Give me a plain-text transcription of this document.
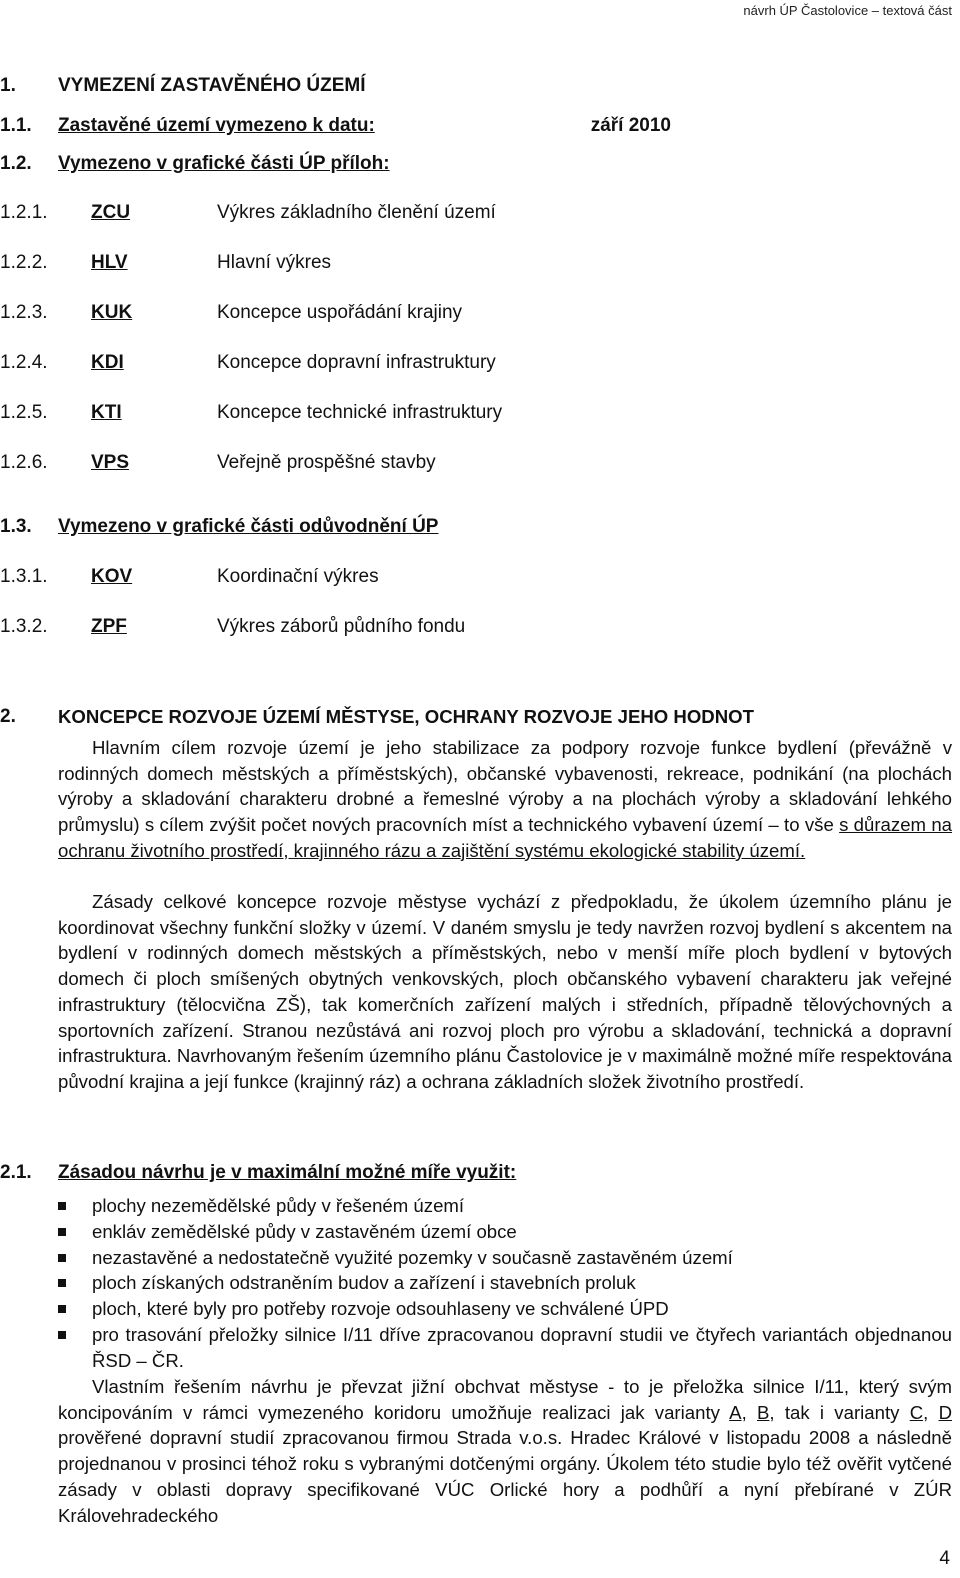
návrh ÚP Častolovice – textová část
1. VYMEZENÍ ZASTAVĚNÉHO ÚZEMÍ
1.1. Zastavěné území vymezeno k datu:	září 2010
1.2. Vymezeno v grafické části ÚP příloh:
1.2.1. ZCU	Výkres základního členění území
1.2.2. HLV	Hlavní výkres
1.2.3. KUK	Koncepce uspořádání krajiny
1.2.4. KDI	Koncepce dopravní infrastruktury
1.2.5. KTI	Koncepce technické infrastruktury
1.2.6. VPS	Veřejně prospěšné stavby
1.3. Vymezeno v grafické části odůvodnění ÚP
1.3.1. KOV	Koordinační výkres
1.3.2. ZPF	Výkres záborů půdního fondu
2. KONCEPCE ROZVOJE ÚZEMÍ MĚSTYSE, OCHRANY ROZVOJE JEHO HODNOT
Hlavním cílem rozvoje území je jeho stabilizace za podpory rozvoje funkce bydlení (převážně v rodinných domech městských a příměstských), občanské vybavenosti, rekreace, podnikání (na plochách výroby a skladování charakteru drobné a řemeslné výroby a na plochách výroby a skladování lehkého průmyslu) s cílem zvýšit počet nových pracovních míst a technického vybavení území – to vše s důrazem na ochranu životního prostředí, krajinného rázu a zajištění systému ekologické stability území.
Zásady celkové koncepce rozvoje městyse vychází z předpokladu, že úkolem územního plánu je koordinovat všechny funkční složky v území. V daném smyslu je tedy navržen rozvoj bydlení s akcentem na bydlení v rodinných domech městských a příměstských, nebo v menší míře ploch bydlení v bytových domech či ploch smíšených obytných venkovských, ploch občanského vybavení charakteru jak veřejné infrastruktury (tělocvična ZŠ), tak komerčních zařízení malých i středních, případně tělovýchovných a sportovních zařízení. Stranou nezůstává ani rozvoj ploch pro výrobu a skladování, technická a dopravní infrastruktura. Navrhovaným řešením územního plánu Častolovice je v maximálně možné míře respektována původní krajina a její funkce (krajinný ráz) a ochrana základních složek životního prostředí.
2.1. Zásadou návrhu je v maximální možné míře využit:
plochy nezemědělské půdy v řešeném území
enkláv zemědělské půdy v zastavěném území obce
nezastavěné a nedostatečně využité pozemky v současně zastavěném území
ploch získaných odstraněním budov a zařízení i stavebních proluk
ploch, které byly pro potřeby rozvoje odsouhlaseny ve schválené ÚPD
pro trasování přeložky silnice I/11 dříve zpracovanou dopravní studii ve čtyřech variantách objednanou ŘSD – ČR.
Vlastním řešením návrhu je převzat jižní obchvat městyse - to je přeložka silnice I/11, který svým koncipováním v rámci vymezeného koridoru umožňuje realizaci jak varianty A, B, tak i varianty C, D prověřené dopravní studií zpracovanou firmou Strada v.o.s. Hradec Králové v listopadu 2008 a následně projednanou v prosinci téhož roku s vybranými dotčenými orgány. Úkolem této studie bylo též ověřit vytčené zásady v oblasti dopravy specifikované VÚC Orlické hory a podhůří a nyní přebírané v ZÚR Královehradeckého
4
